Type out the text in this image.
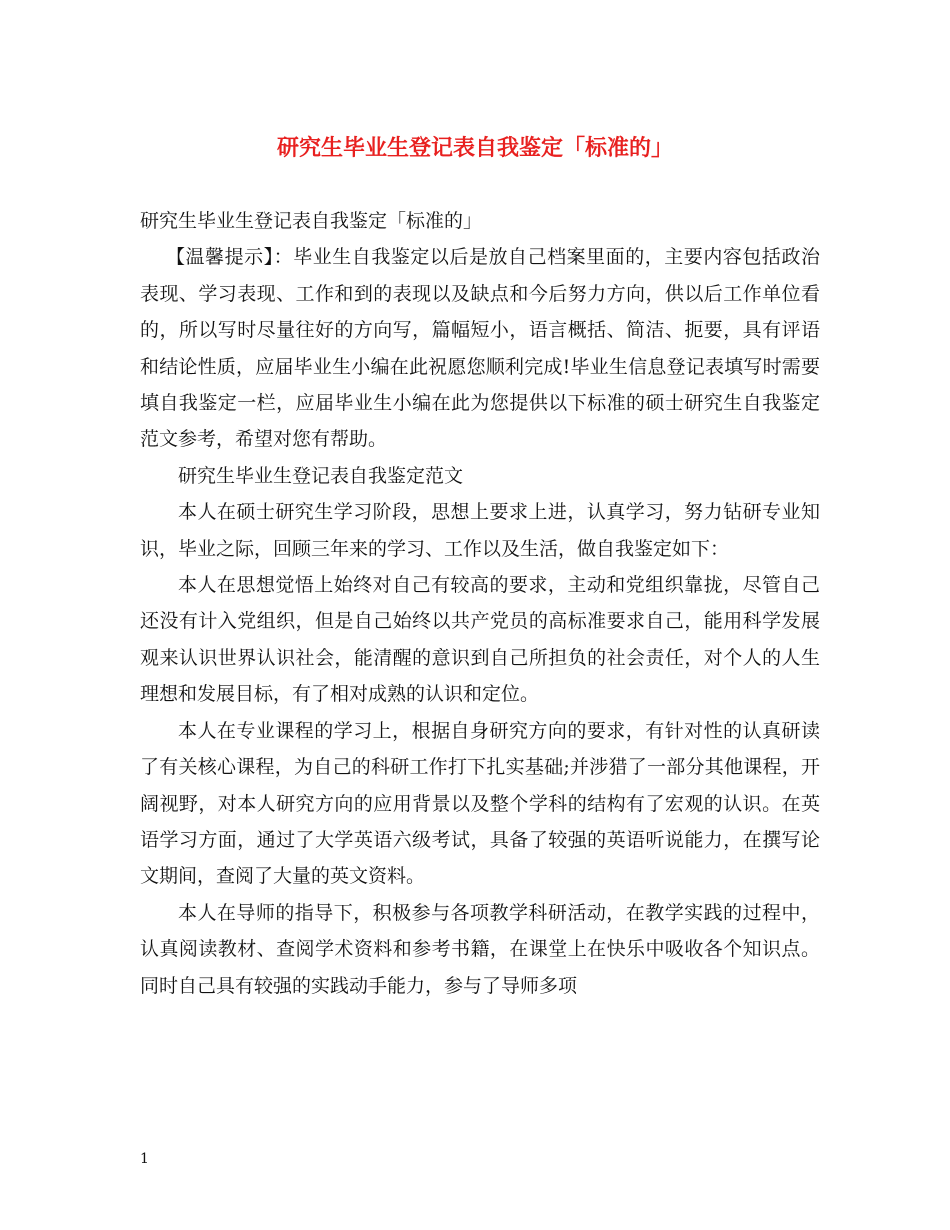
研究生毕业生登记表自我鉴定「标准的」

研究生毕业生登记表自我鉴定「标准的」

【温馨提示】：毕业生自我鉴定以后是放自己档案里面的，主要内容包括政治表现、学习表现、工作和到的表现以及缺点和今后努力方向，供以后工作单位看的，所以写时尽量往好的方向写，篇幅短小，语言概括、简洁、扼要，具有评语和结论性质，应届毕业生小编在此祝愿您顺利完成!毕业生信息登记表填写时需要填自我鉴定一栏，应届毕业生小编在此为您提供以下标准的硕士研究生自我鉴定范文参考，希望对您有帮助。

研究生毕业生登记表自我鉴定范文

本人在硕士研究生学习阶段，思想上要求上进，认真学习，努力钻研专业知识，毕业之际，回顾三年来的学习、工作以及生活，做自我鉴定如下：

本人在思想觉悟上始终对自己有较高的要求，主动和党组织靠拢，尽管自己还没有计入党组织，但是自己始终以共产党员的高标准要求自己，能用科学发展观来认识世界认识社会，能清醒的意识到自己所担负的社会责任，对个人的人生理想和发展目标，有了相对成熟的认识和定位。

本人在专业课程的学习上，根据自身研究方向的要求，有针对性的认真研读了有关核心课程，为自己的科研工作打下扎实基础;并涉猎了一部分其他课程，开阔视野，对本人研究方向的应用背景以及整个学科的结构有了宏观的认识。在英语学习方面，通过了大学英语六级考试，具备了较强的英语听说能力，在撰写论文期间，查阅了大量的英文资料。

本人在导师的指导下，积极参与各项教学科研活动，在教学实践的过程中，认真阅读教材、查阅学术资料和参考书籍，在课堂上在快乐中吸收各个知识点。同时自己具有较强的实践动手能力，参与了导师多项

1
